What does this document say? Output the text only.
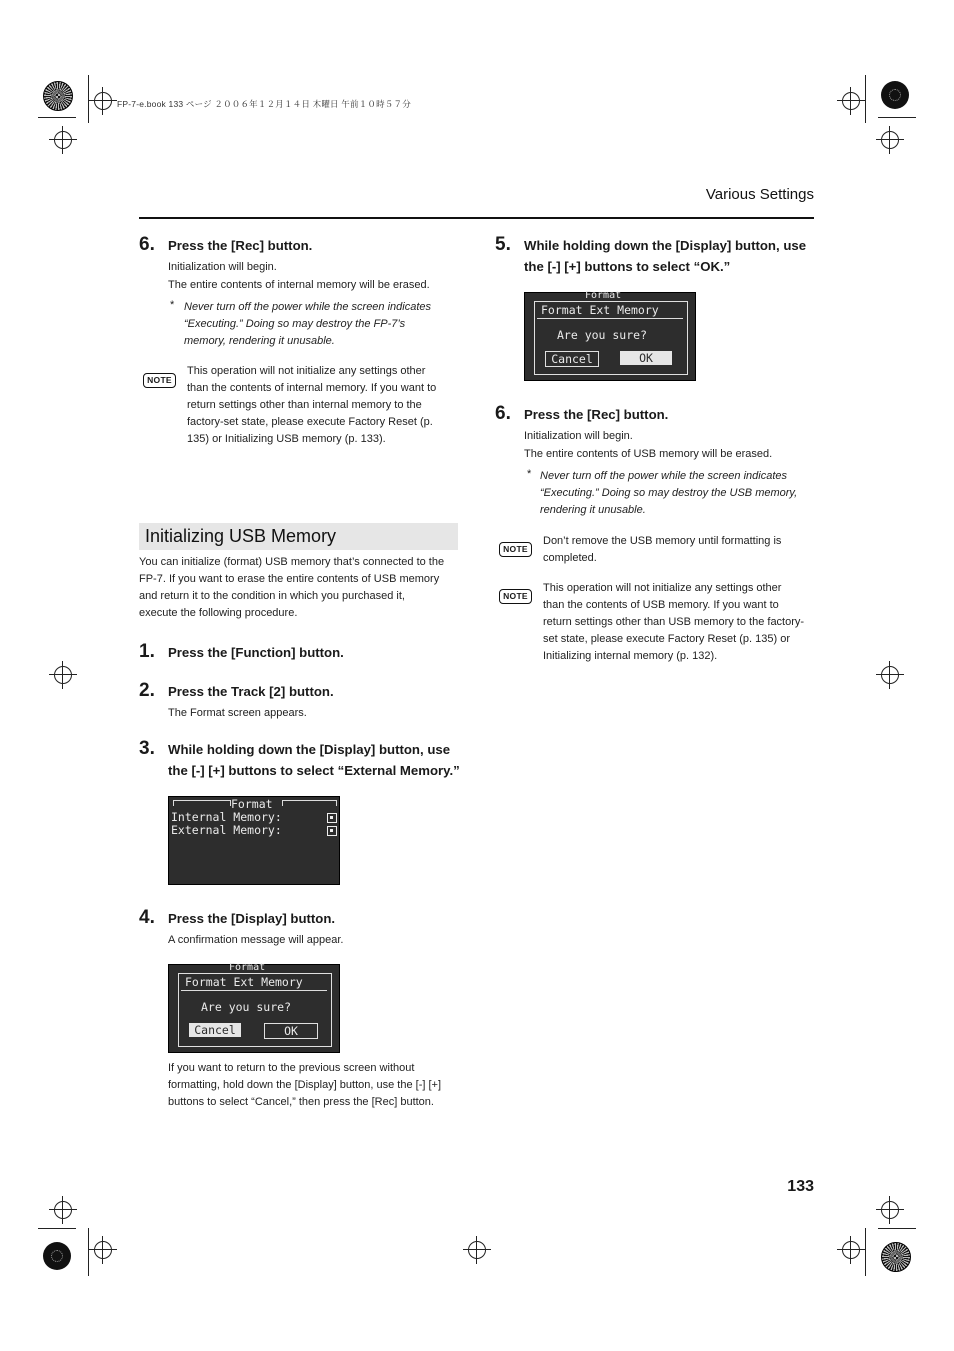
FP-7-e.book 133 ページ ２００６年１２月１４日 木曜日 午前１０時５７分
Various Settings
6. Press the [Rec] button.
Initialization will begin.
The entire contents of internal memory will be erased.
* Never turn off the power while the screen indicates
“Executing.” Doing so may destroy the FP-7’s
memory, rendering it unusable.
NOTE
This operation will not initialize any settings other
than the contents of internal memory. If you want to
return settings other than internal memory to the
factory-set state, please execute Factory Reset (p.
135) or Initializing USB memory (p. 133).
Initializing USB Memory
You can initialize (format) USB memory that’s connected to the
FP-7. If you want to erase the entire contents of USB memory
and return it to the condition in which you purchased it,
execute the following procedure.
1. Press the [Function] button.
2. Press the Track [2] button.
The Format screen appears.
3. While holding down the [Display] button, use
the [-] [+] buttons to select “External Memory.”
Format
Internal Memory:
External Memory:
4. Press the [Display] button.
A confirmation message will appear.
Format
Format Ext Memory
Are you sure?
Cancel	OK
If you want to return to the previous screen without
formatting, hold down the [Display] button, use the [-] [+]
buttons to select “Cancel,” then press the [Rec] button.
5. While holding down the [Display] button, use
the [-] [+] buttons to select “OK.”
Format
Format Ext Memory
Are you sure?
Cancel	OK
6. Press the [Rec] button.
Initialization will begin.
The entire contents of USB memory will be erased.
* Never turn off the power while the screen indicates
“Executing.” Doing so may destroy the USB memory,
rendering it unusable.
NOTE
Don’t remove the USB memory until formatting is
completed.
NOTE
This operation will not initialize any settings other
than the contents of USB memory. If you want to
return settings other than USB memory to the factory-
set state, please execute Factory Reset (p. 135) or
Initializing internal memory (p. 132).
133
